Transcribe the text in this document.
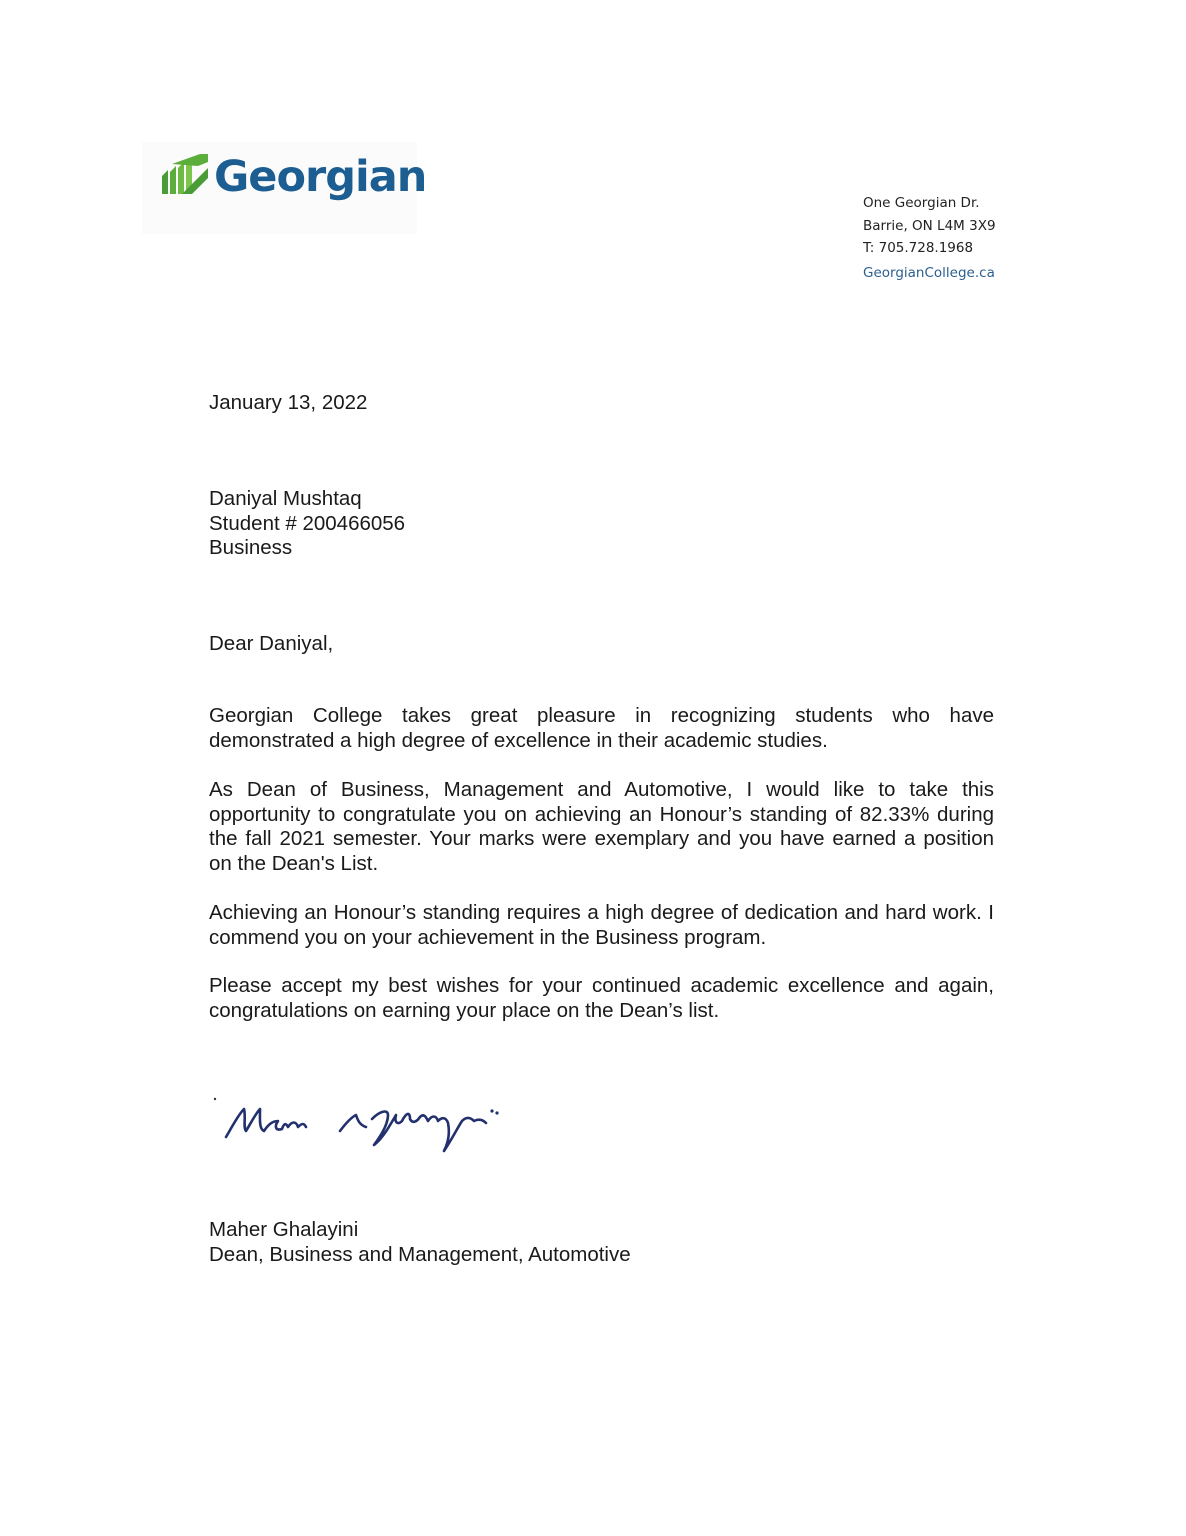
Georgian
One Georgian Dr.
Barrie, ON L4M 3X9
T: 705.728.1968
GeorgianCollege.ca
January 13, 2022
Daniyal Mushtaq
Student # 200466056
Business
Dear Daniyal,
Georgian College takes great pleasure in recognizing students who have demonstrated a high degree of excellence in their academic studies.
As Dean of Business, Management and Automotive, I would like to take this opportunity to congratulate you on achieving an Honour’s standing of 82.33% during the fall 2021 semester. Your marks were exemplary and you have earned a position on the Dean's List.
Achieving an Honour’s standing requires a high degree of dedication and hard work. I commend you on your achievement in the Business program.
Please accept my best wishes for your continued academic excellence and again, congratulations on earning your place on the Dean’s list.
Maher Ghalayini
Dean, Business and Management, Automotive
